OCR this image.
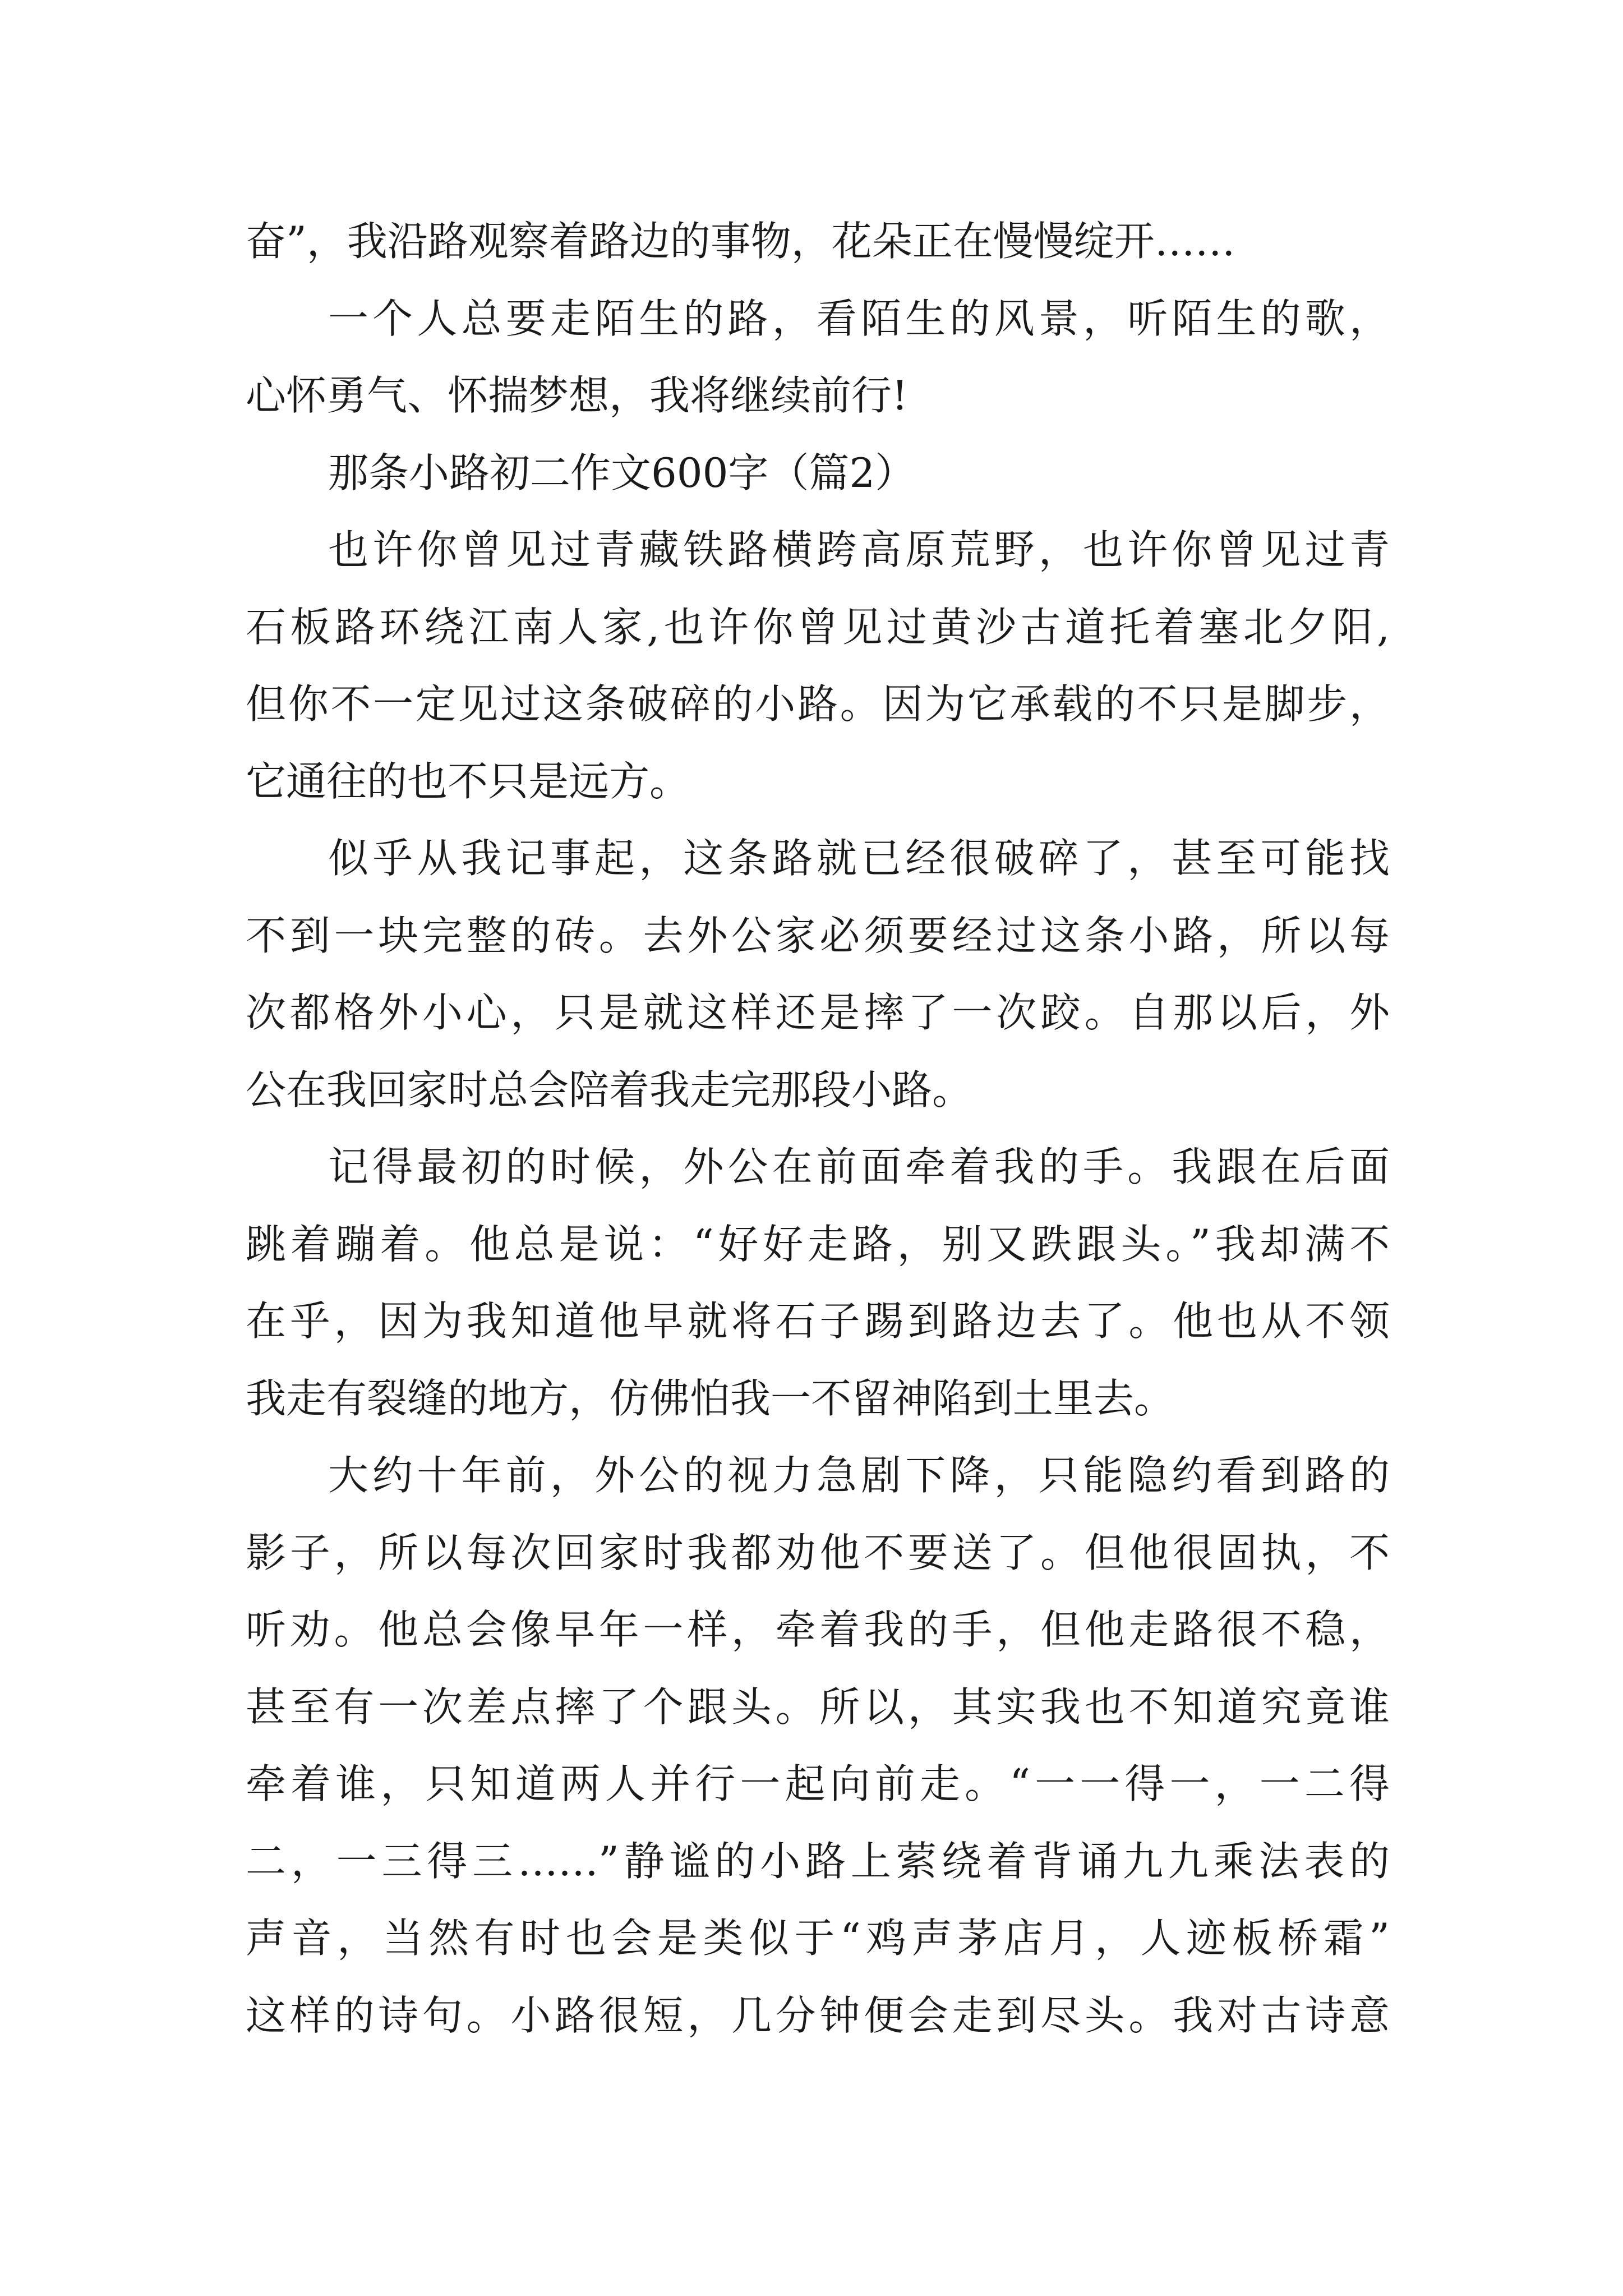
奋”，我沿路观察着路边的事物，花朵正在慢慢绽开……
一个人总要走陌生的路，看陌生的风景，听陌生的歌，
心怀勇气、怀揣梦想，我将继续前行!
那条小路初二作文600字（篇2）
也许你曾见过青藏铁路横跨高原荒野，也许你曾见过青
石板路环绕江南人家,也许你曾见过黄沙古道托着塞北夕阳,
但你不一定见过这条破碎的小路。因为它承载的不只是脚步，
它通往的也不只是远方。
似乎从我记事起，这条路就已经很破碎了，甚至可能找
不到一块完整的砖。去外公家必须要经过这条小路，所以每
次都格外小心，只是就这样还是摔了一次跤。自那以后，外
公在我回家时总会陪着我走完那段小路。
记得最初的时候，外公在前面牵着我的手。我跟在后面
跳着蹦着。他总是说：“好好走路，别又跌跟头。”我却满不
在乎，因为我知道他早就将石子踢到路边去了。他也从不领
我走有裂缝的地方，仿佛怕我一不留神陷到土里去。
大约十年前，外公的视力急剧下降，只能隐约看到路的
影子，所以每次回家时我都劝他不要送了。但他很固执，不
听劝。他总会像早年一样，牵着我的手，但他走路很不稳，
甚至有一次差点摔了个跟头。所以，其实我也不知道究竟谁
牵着谁，只知道两人并行一起向前走。“一一得一，一二得
二，一三得三……”静谧的小路上萦绕着背诵九九乘法表的
声音，当然有时也会是类似于“鸡声茅店月，人迹板桥霜”
这样的诗句。小路很短，几分钟便会走到尽头。我对古诗意
